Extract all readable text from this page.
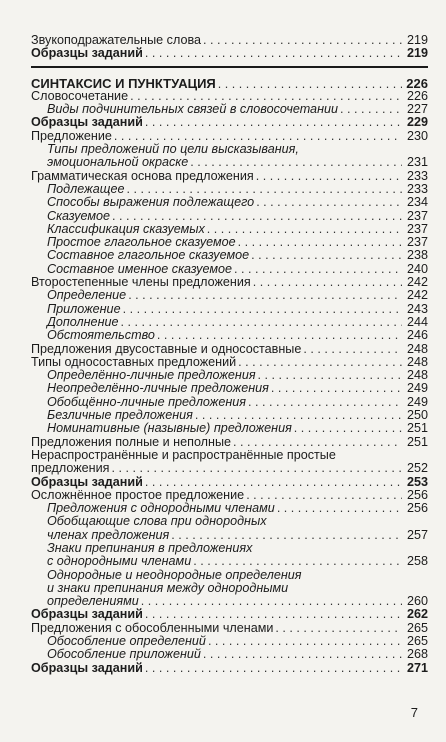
Звукоподражательные слова . . .	219
Образцы заданий . . .	219
СИНТАКСИС И ПУНКТУАЦИЯ . . .	226
Словосочетание . . .	226
Виды подчинительных связей в словосочетании . . .	227
Образцы заданий . . .	229
Предложение . . .	230
Типы предложений по цели высказывания,
эмоциональной окраске . . .	231
Грамматическая основа предложения . . .	233
Подлежащее . . .	233
Способы выражения подлежащего . . .	234
Сказуемое . . .	237
Классификация сказуемых . . .	237
Простое глагольное сказуемое . . .	237
Составное глагольное сказуемое . . .	238
Составное именное сказуемое . . .	240
Второстепенные члены предложения . . .	242
Определение . . .	242
Приложение . . .	243
Дополнение . . .	244
Обстоятельство . . .	246
Предложения двусоставные и односоставные . . .	248
Типы односоставных предложений . . .	248
Определённо-личные предложения . . .	248
Неопределённо-личные предложения . . .	249
Обобщённо-личные предложения . . .	249
Безличные предложения . . .	250
Номинативные (назывные) предложения . . .	251
Предложения полные и неполные . . .	251
Нераспространённые и распространённые простые
предложения . . .	252
Образцы заданий . . .	253
Осложнённое простое предложение . . .	256
Предложения с однородными членами . . .	256
Обобщающие слова при однородных
членах предложения . . .	257
Знаки препинания в предложениях
с однородными членами . . .	258
Однородные и неоднородные определения
и знаки препинания между однородными
определениями . . .	260
Образцы заданий . . .	262
Предложения с обособленными членами . . .	265
Обособление определений . . .	265
Обособление приложений . . .	268
Образцы заданий . . .	271
7
